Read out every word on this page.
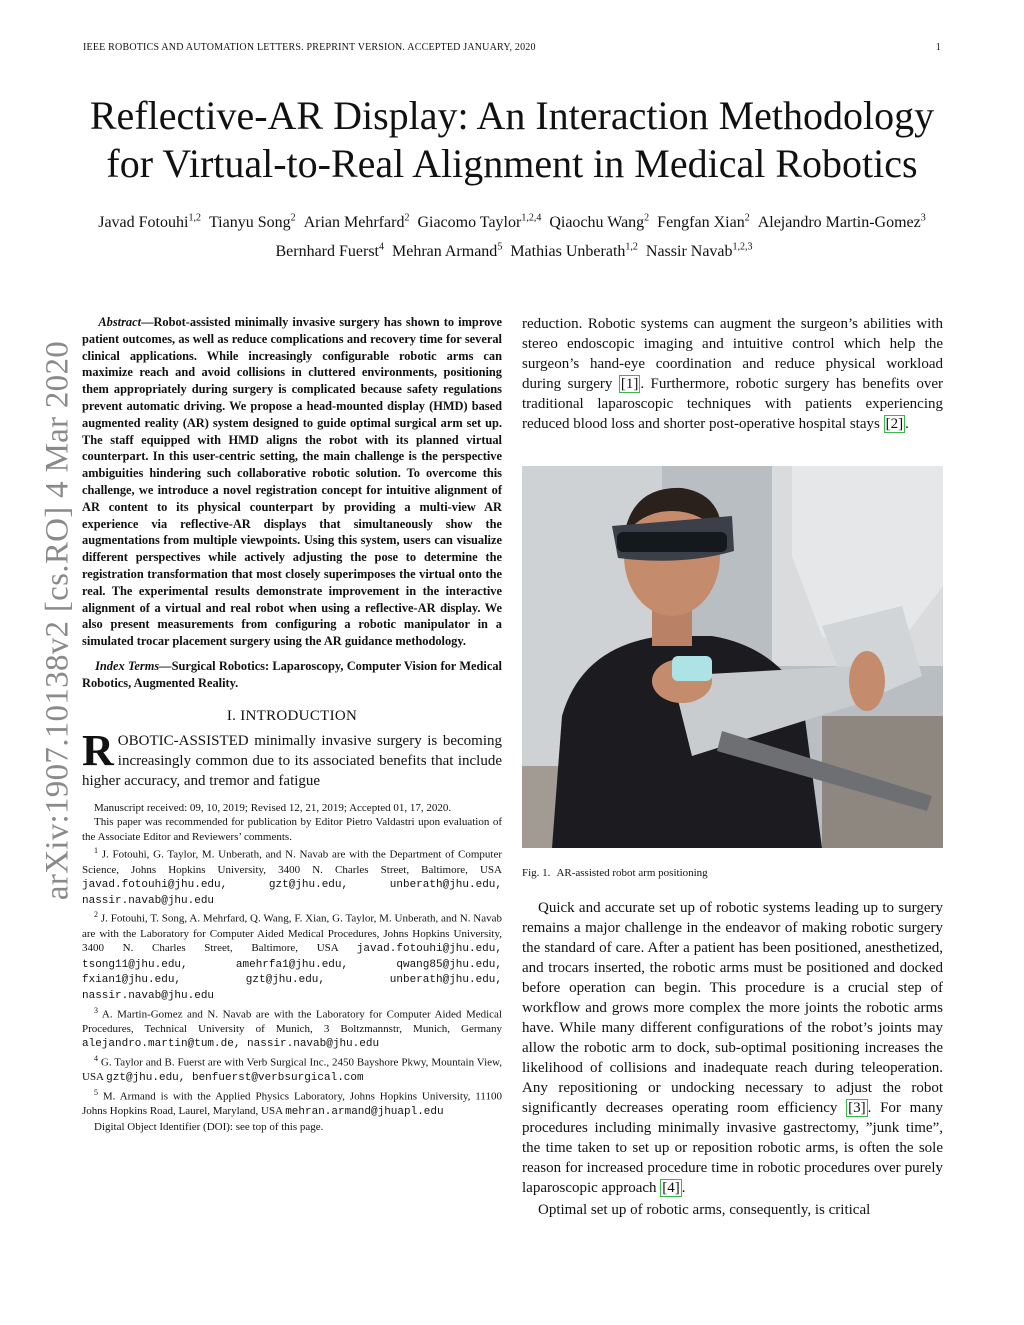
IEEE ROBOTICS AND AUTOMATION LETTERS. PREPRINT VERSION. ACCEPTED JANUARY, 2020	1
arXiv:1907.10138v2 [cs.RO] 4 Mar 2020
Reflective-AR Display: An Interaction Methodology
for Virtual-to-Real Alignment in Medical Robotics
Javad Fotouhi$^{1,2}$ Tianyu Song$^2$ Arian Mehrfard$^2$ Giacomo Taylor$^{1,2,4}$ Qiaochu Wang$^2$ Fengfan Xian$^2$ Alejandro Martin-Gomez$^3$  Bernhard Fuerst$^4$ Mehran Armand$^5$ Mathias Unberath$^{1,2}$ Nassir Navab$^{1,2,3}$

Abstract—Robot-assisted minimally invasive surgery has shown to improve patient outcomes, as well as reduce complications and recovery time for several clinical applications. While increasingly configurable robotic arms can maximize reach and avoid collisions in cluttered environments, positioning them appropriately during surgery is complicated because safety regulations prevent automatic driving. We propose a head-mounted display (HMD) based augmented reality (AR) system designed to guide optimal surgical arm set up. The staff equipped with HMD aligns the robot with its planned virtual counterpart. In this user-centric setting, the main challenge is the perspective ambiguities hindering such collaborative robotic solution. To overcome this challenge, we introduce a novel registration concept for intuitive alignment of AR content to its physical counterpart by providing a multi-view AR experience via reflective-AR displays that simultaneously show the augmentations from multiple viewpoints. Using this system, users can visualize different perspectives while actively adjusting the pose to determine the registration transformation that most closely superimposes the virtual onto the real. The experimental results demonstrate improvement in the interactive alignment of a virtual and real robot when using a reflective-AR display. We also present measurements from configuring a robotic manipulator in a simulated trocar placement surgery using the AR guidance methodology.

Index Terms—Surgical Robotics: Laparoscopy, Computer Vision for Medical Robotics, Augmented Reality.

I. INTRODUCTION

ROBOTIC-ASSISTED minimally invasive surgery is becoming increasingly common due to its associated benefits that include higher accuracy, and tremor and fatigue

Manuscript received: 09, 10, 2019; Revised 12, 21, 2019; Accepted 01, 17, 2020.

This paper was recommended for publication by Editor Pietro Valdastri upon evaluation of the Associate Editor and Reviewers’ comments.

$^1$ J. Fotouhi, G. Taylor, M. Unberath, and N. Navab are with the Department of Computer Science, Johns Hopkins University, 3400 N. Charles Street, Baltimore, USA javad.fotouhi@jhu.edu, gzt@jhu.edu, unberath@jhu.edu, nassir.navab@jhu.edu

$^2$ J. Fotouhi, T. Song, A. Mehrfard, Q. Wang, F. Xian, G. Taylor, M. Unberath, and N. Navab are with the Laboratory for Computer Aided Medical Procedures, Johns Hopkins University, 3400 N. Charles Street, Baltimore, USA javad.fotouhi@jhu.edu, tsong11@jhu.edu, amehrfa1@jhu.edu, qwang85@jhu.edu, fxian1@jhu.edu, gzt@jhu.edu, unberath@jhu.edu, nassir.navab@jhu.edu

$^3$ A. Martin-Gomez and N. Navab are with the Laboratory for Computer Aided Medical Procedures, Technical University of Munich, 3 Boltzmannstr, Munich, Germany alejandro.martin@tum.de, nassir.navab@jhu.edu

$^4$ G. Taylor and B. Fuerst are with Verb Surgical Inc., 2450 Bayshore Pkwy, Mountain View, USA gzt@jhu.edu, benfuerst@verbsurgical.com

$^5$ M. Armand is with the Applied Physics Laboratory, Johns Hopkins University, 11100 Johns Hopkins Road, Laurel, Maryland, USA mehran.armand@jhuapl.edu

Digital Object Identifier (DOI): see top of this page.

reduction. Robotic systems can augment the surgeon’s abilities with stereo endoscopic imaging and intuitive control which help the surgeon’s hand-eye coordination and reduce physical workload during surgery [1] . Furthermore, robotic surgery has benefits over traditional laparoscopic techniques with patients experiencing reduced blood loss and shorter post-operative hospital stays [2] .

Fig. 1. AR-assisted robot arm positioning

Quick and accurate set up of robotic systems leading up to surgery remains a major challenge in the endeavor of making robotic surgery the standard of care. After a patient has been positioned, anesthetized, and trocars inserted, the robotic arms must be positioned and docked before operation can begin. This procedure is a crucial step of workflow and grows more complex the more joints the robotic arms have. While many different configurations of the robot’s joints may allow the robotic arm to dock, sub-optimal positioning increases the likelihood of collisions and inadequate reach during teleoperation. Any repositioning or undocking necessary to adjust the robot significantly decreases operating room efficiency [3] . For many procedures including minimally invasive gastrectomy, ”junk time”, the time taken to set up or reposition robotic arms, is often the sole reason for increased procedure time in robotic procedures over purely laparoscopic approach [4] .

Optimal set up of robotic arms, consequently, is critical
